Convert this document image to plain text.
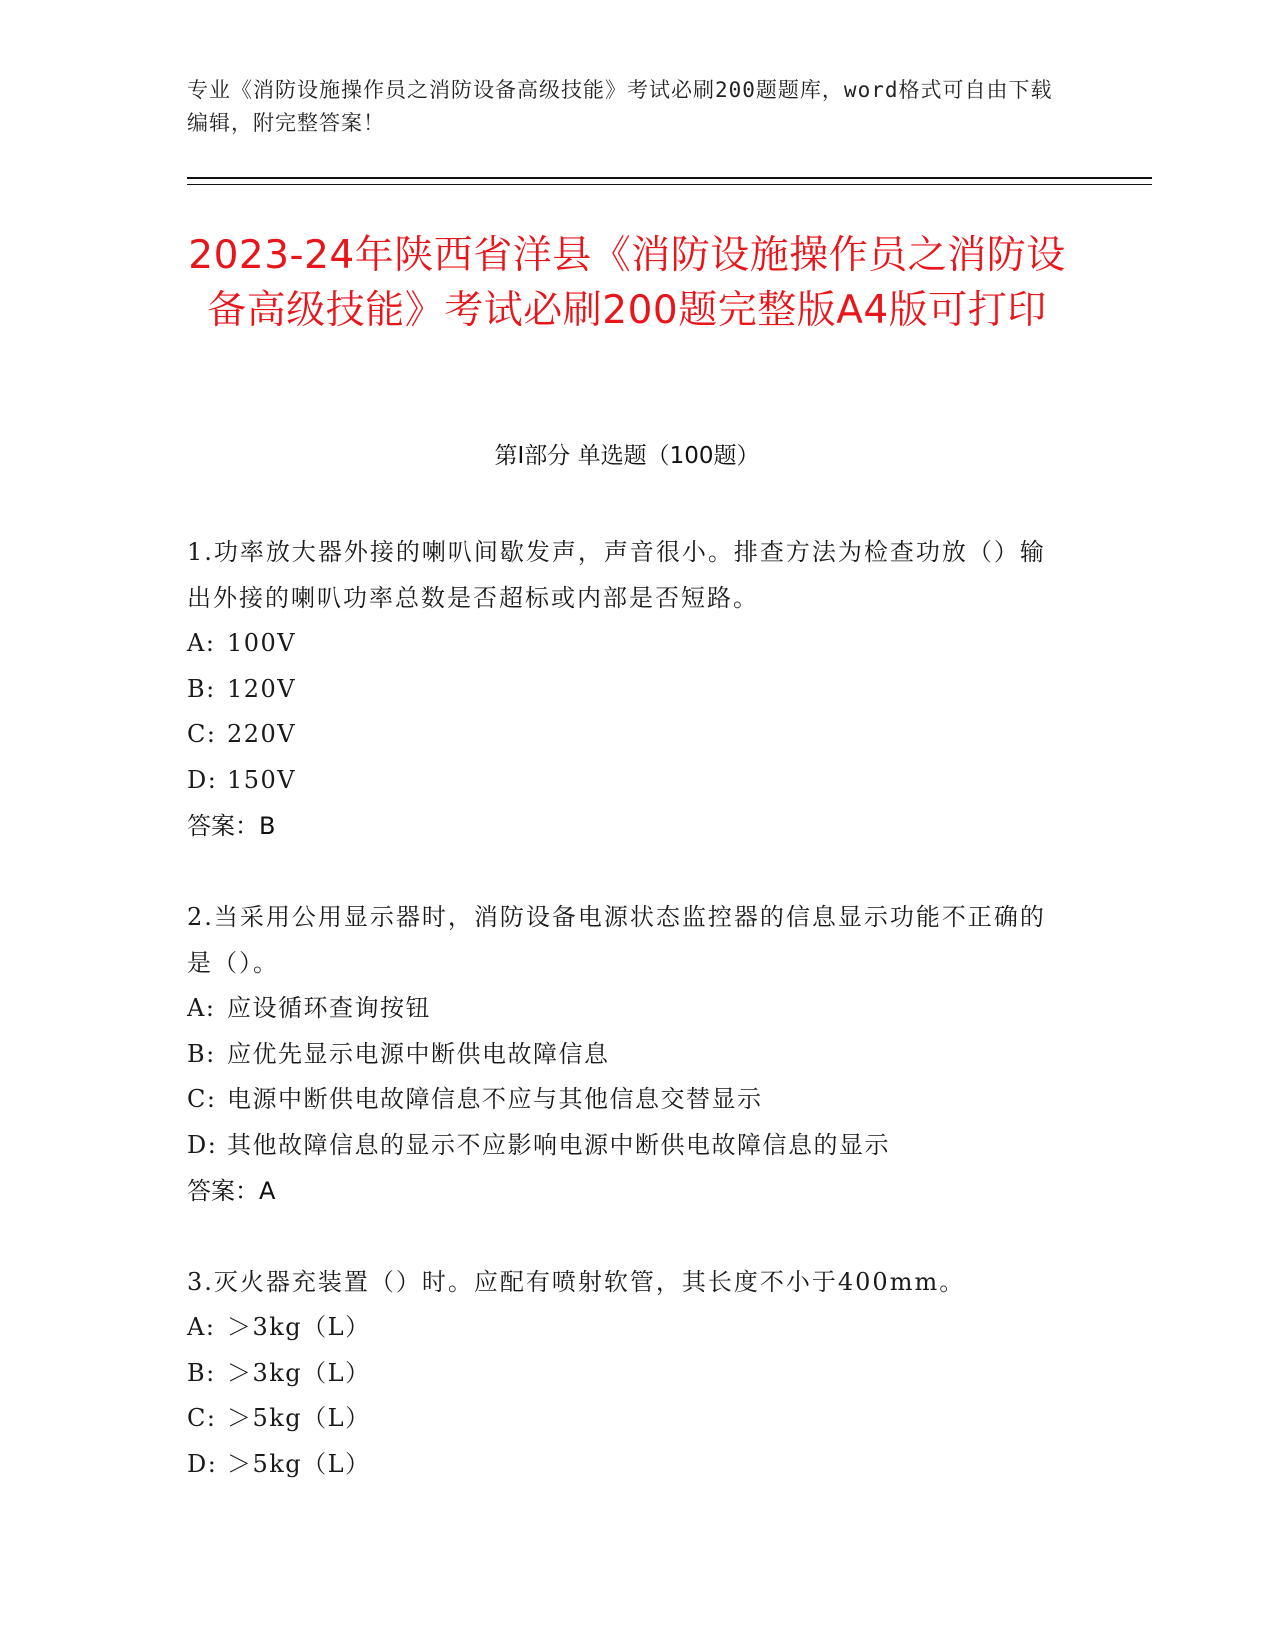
专业《消防设施操作员之消防设备高级技能》考试必刷200题题库，word格式可自由下载编辑，附完整答案！
2023-24年陕西省洋县《消防设施操作员之消防设备高级技能》考试必刷200题完整版A4版可打印
第I部分 单选题（100题）

1.功率放大器外接的喇叭间歇发声，声音很小。排查方法为检查功放（）输出外接的喇叭功率总数是否超标或内部是否短路。

A: 100V

B: 120V

C: 220V

D: 150V

答案：B

2.当采用公用显示器时，消防设备电源状态监控器的信息显示功能不正确的是（）。

A: 应设循环查询按钮

B: 应优先显示电源中断供电故障信息

C: 电源中断供电故障信息不应与其他信息交替显示

D: 其他故障信息的显示不应影响电源中断供电故障信息的显示

答案：A

3.灭火器充装置（）时。应配有喷射软管，其长度不小于400mm。

A: ＞3kg（L）

B: ＞3kg（L）

C: ＞5kg（L）

D: ＞5kg（L）
